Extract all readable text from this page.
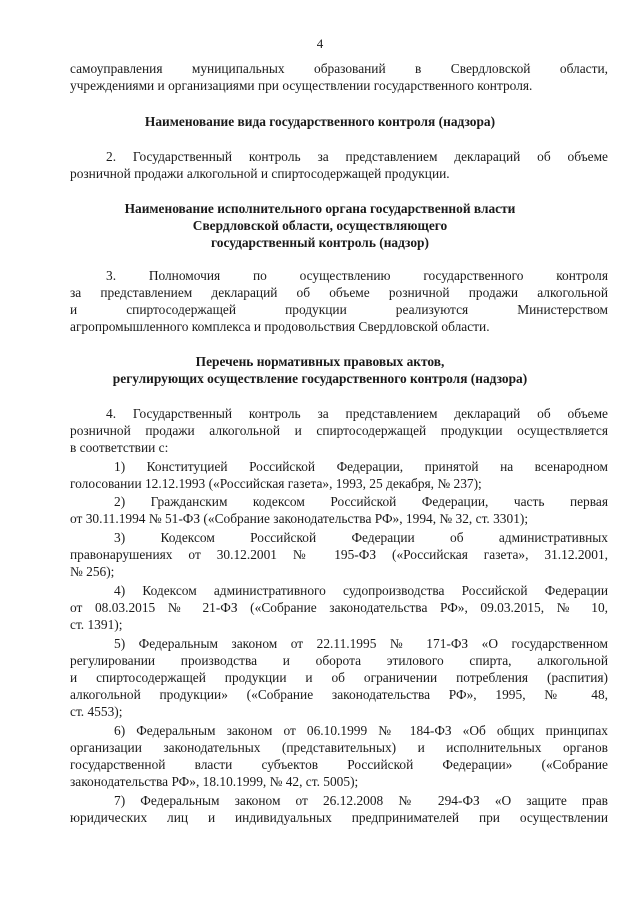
4
самоуправления муниципальных образований в Свердловской области,
учреждениями и организациями при осуществлении государственного контроля.
Наименование вида государственного контроля (надзора)
2. Государственный контроль за представлением деклараций об объеме
розничной продажи алкогольной и спиртосодержащей продукции.
Наименование исполнительного органа государственной власти
Свердловской области, осуществляющего
государственный контроль (надзор)
3. Полномочия по осуществлению государственного контроля
за представлением деклараций об объеме розничной продажи алкогольной
и спиртосодержащей продукции реализуются Министерством
агропромышленного комплекса и продовольствия Свердловской области.
Перечень нормативных правовых актов,
регулирующих осуществление государственного контроля (надзора)
4. Государственный контроль за представлением деклараций об объеме
розничной продажи алкогольной и спиртосодержащей продукции осуществляется
в соответствии с:
1) Конституцией Российской Федерации, принятой на всенародном
голосовании 12.12.1993 («Российская газета», 1993, 25 декабря, № 237);
2) Гражданским кодексом Российской Федерации, часть первая
от 30.11.1994 № 51-ФЗ («Собрание законодательства РФ», 1994, № 32, ст. 3301);
3) Кодексом Российской Федерации об административных
правонарушениях от 30.12.2001 № 195-ФЗ («Российская газета», 31.12.2001,
№ 256);
4) Кодексом административного судопроизводства Российской Федерации
от 08.03.2015 № 21-ФЗ («Собрание законодательства РФ», 09.03.2015, № 10,
ст. 1391);
5) Федеральным законом от 22.11.1995 № 171-ФЗ «О государственном
регулировании производства и оборота этилового спирта, алкогольной
и спиртосодержащей продукции и об ограничении потребления (распития)
алкогольной продукции» («Собрание законодательства РФ», 1995, № 48,
ст. 4553);
6) Федеральным законом от 06.10.1999 № 184-ФЗ «Об общих принципах
организации законодательных (представительных) и исполнительных органов
государственной власти субъектов Российской Федерации» («Собрание
законодательства РФ», 18.10.1999, № 42, ст. 5005);
7) Федеральным законом от 26.12.2008 № 294-ФЗ «О защите прав
юридических лиц и индивидуальных предпринимателей при осуществлении
